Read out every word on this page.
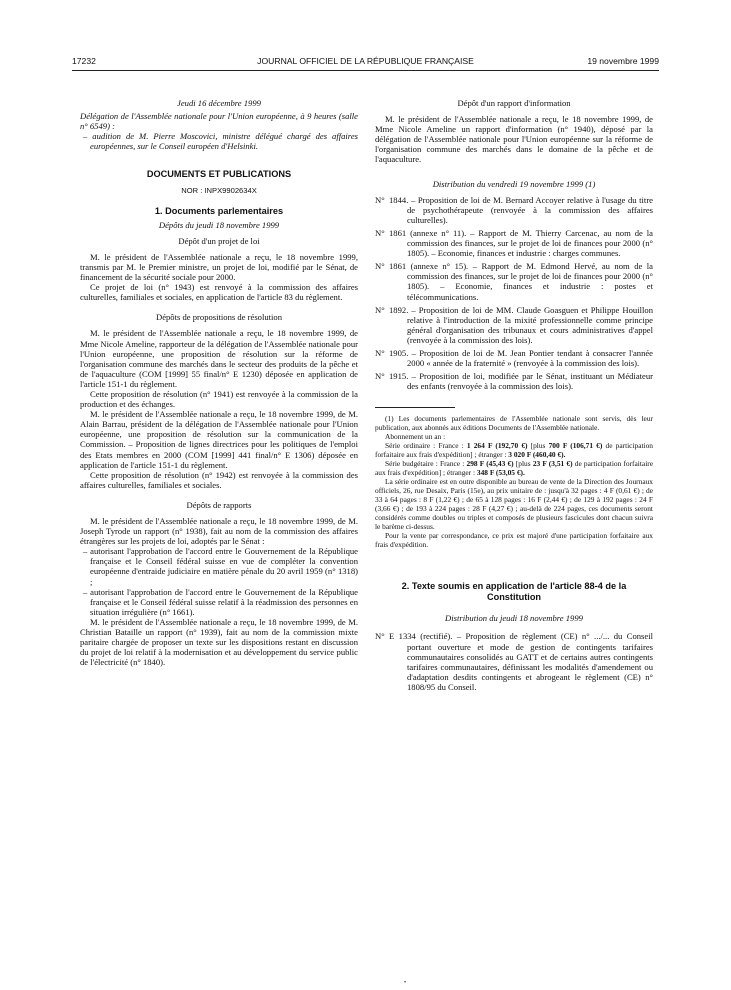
17232	JOURNAL OFFICIEL DE LA RÉPUBLIQUE FRANÇAISE	19 novembre 1999

Jeudi 16 décembre 1999

Délégation de l'Assemblée nationale pour l'Union européenne, à 9 heures (salle n° 6549) :

– audition de M. Pierre Moscovici, ministre délégué chargé des affaires européennes, sur le Conseil européen d'Helsinki.

DOCUMENTS ET PUBLICATIONS

NOR : INPX9902634X

1. Documents parlementaires

Dépôts du jeudi 18 novembre 1999

Dépôt d'un projet de loi

M. le président de l'Assemblée nationale a reçu, le 18 novembre 1999, transmis par M. le Premier ministre, un projet de loi, modifié par le Sénat, de financement de la sécurité sociale pour 2000.

Ce projet de loi (n° 1943) est renvoyé à la commission des affaires culturelles, familiales et sociales, en application de l'article 83 du règlement.

Dépôts de propositions de résolution

M. le président de l'Assemblée nationale a reçu, le 18 novembre 1999, de Mme Nicole Ameline, rapporteur de la délégation de l'Assemblée nationale pour l'Union européenne, une proposition de résolution sur la réforme de l'organisation commune des marchés dans le secteur des produits de la pêche et de l'aquaculture (COM [1999] 55 final/n° E 1230) déposée en application de l'article 151-1 du règlement.

Cette proposition de résolution (n° 1941) est renvoyée à la commission de la production et des échanges.

M. le président de l'Assemblée nationale a reçu, le 18 novembre 1999, de M. Alain Barrau, président de la délégation de l'Assemblée nationale pour l'Union européenne, une proposition de résolution sur la communication de la Commission. – Proposition de lignes directrices pour les politiques de l'emploi des Etats membres en 2000 (COM [1999] 441 final/n° E 1306) déposée en application de l'article 151-1 du règlement.

Cette proposition de résolution (n° 1942) est renvoyée à la commission des affaires culturelles, familiales et sociales.

Dépôts de rapports

M. le président de l'Assemblée nationale a reçu, le 18 novembre 1999, de M. Joseph Tyrode un rapport (n° 1938), fait au nom de la commission des affaires étrangères sur les projets de loi, adoptés par le Sénat :

– autorisant l'approbation de l'accord entre le Gouvernement de la République française et le Conseil fédéral suisse en vue de compléter la convention européenne d'entraide judiciaire en matière pénale du 20 avril 1959 (n° 1318) ;

– autorisant l'approbation de l'accord entre le Gouvernement de la République française et le Conseil fédéral suisse relatif à la réadmission des personnes en situation irrégulière (n° 1661).

M. le président de l'Assemblée nationale a reçu, le 18 novembre 1999, de M. Christian Bataille un rapport (n° 1939), fait au nom de la commission mixte paritaire chargée de proposer un texte sur les dispositions restant en discussion du projet de loi relatif à la modernisation et au développement du service public de l'électricité (n° 1840).

Dépôt d'un rapport d'information

M. le président de l'Assemblée nationale a reçu, le 18 novembre 1999, de Mme Nicole Ameline un rapport d'information (n° 1940), déposé par la délégation de l'Assemblée nationale pour l'Union européenne sur la réforme de l'organisation commune des marchés dans le domaine de la pêche et de l'aquaculture.

Distribution du vendredi 19 novembre 1999 (1)

N° 1844. – Proposition de loi de M. Bernard Accoyer relative à l'usage du titre de psychothérapeute (renvoyée à la commission des affaires culturelles).
N° 1861 (annexe n° 11). – Rapport de M. Thierry Carcenac, au nom de la commission des finances, sur le projet de loi de finances pour 2000 (n° 1805). – Economie, finances et industrie : charges communes.
N° 1861 (annexe n° 15). – Rapport de M. Edmond Hervé, au nom de la commission des finances, sur le projet de loi de finances pour 2000 (n° 1805). – Economie, finances et industrie : postes et télécommunications.
N° 1892. – Proposition de loi de MM. Claude Goasguen et Philippe Houillon relative à l'introduction de la mixité professionnelle comme principe général d'organisation des tribunaux et cours administratives d'appel (renvoyée à la commission des lois).
N° 1905. – Proposition de loi de M. Jean Pontier tendant à consacrer l'année 2000 « année de la fraternité » (renvoyée à la commission des lois).
N° 1915. – Proposition de loi, modifiée par le Sénat, instituant un Médiateur des enfants (renvoyée à la commission des lois).

(1) Les documents parlementaires de l'Assemblée nationale sont servis, dès leur publication, aux abonnés aux éditions Documents de l'Assemblée nationale.

Abonnement un an :

Série ordinaire : France : 1 264 F (192,70 €) [plus 700 F (106,71 €) de participation forfaitaire aux frais d'expédition] ; étranger : 3 020 F (460,40 €).

Série budgétaire : France : 298 F (45,43 €) [plus 23 F (3,51 €) de participation forfaitaire aux frais d'expédition] ; étranger : 348 F (53,05 €).

La série ordinaire est en outre disponible au bureau de vente de la Direction des Journaux officiels, 26, rue Desaix, Paris (15e), au prix unitaire de : jusqu'à 32 pages : 4 F (0,61 €) ; de 33 à 64 pages : 8 F (1,22 €) ; de 65 à 128 pages : 16 F (2,44 €) ; de 129 à 192 pages : 24 F (3,66 €) ; de 193 à 224 pages : 28 F (4,27 €) ; au-delà de 224 pages, ces documents seront considérés comme doubles ou triples et composés de plusieurs fascicules dont chacun suivra le barème ci-dessus.

Pour la vente par correspondance, ce prix est majoré d'une participation forfaitaire aux frais d'expédition.

2. Texte soumis en application de l'article 88-4 de la Constitution

Distribution du jeudi 18 novembre 1999

N° E 1334 (rectifié). – Proposition de règlement (CE) n° .../... du Conseil portant ouverture et mode de gestion de contingents tarifaires communautaires consolidés au GATT et de certains autres contingents tarifaires communautaires, définissant les modalités d'amendement ou d'adaptation desdits contingents et abrogeant le règlement (CE) n° 1808/95 du Conseil.
•
